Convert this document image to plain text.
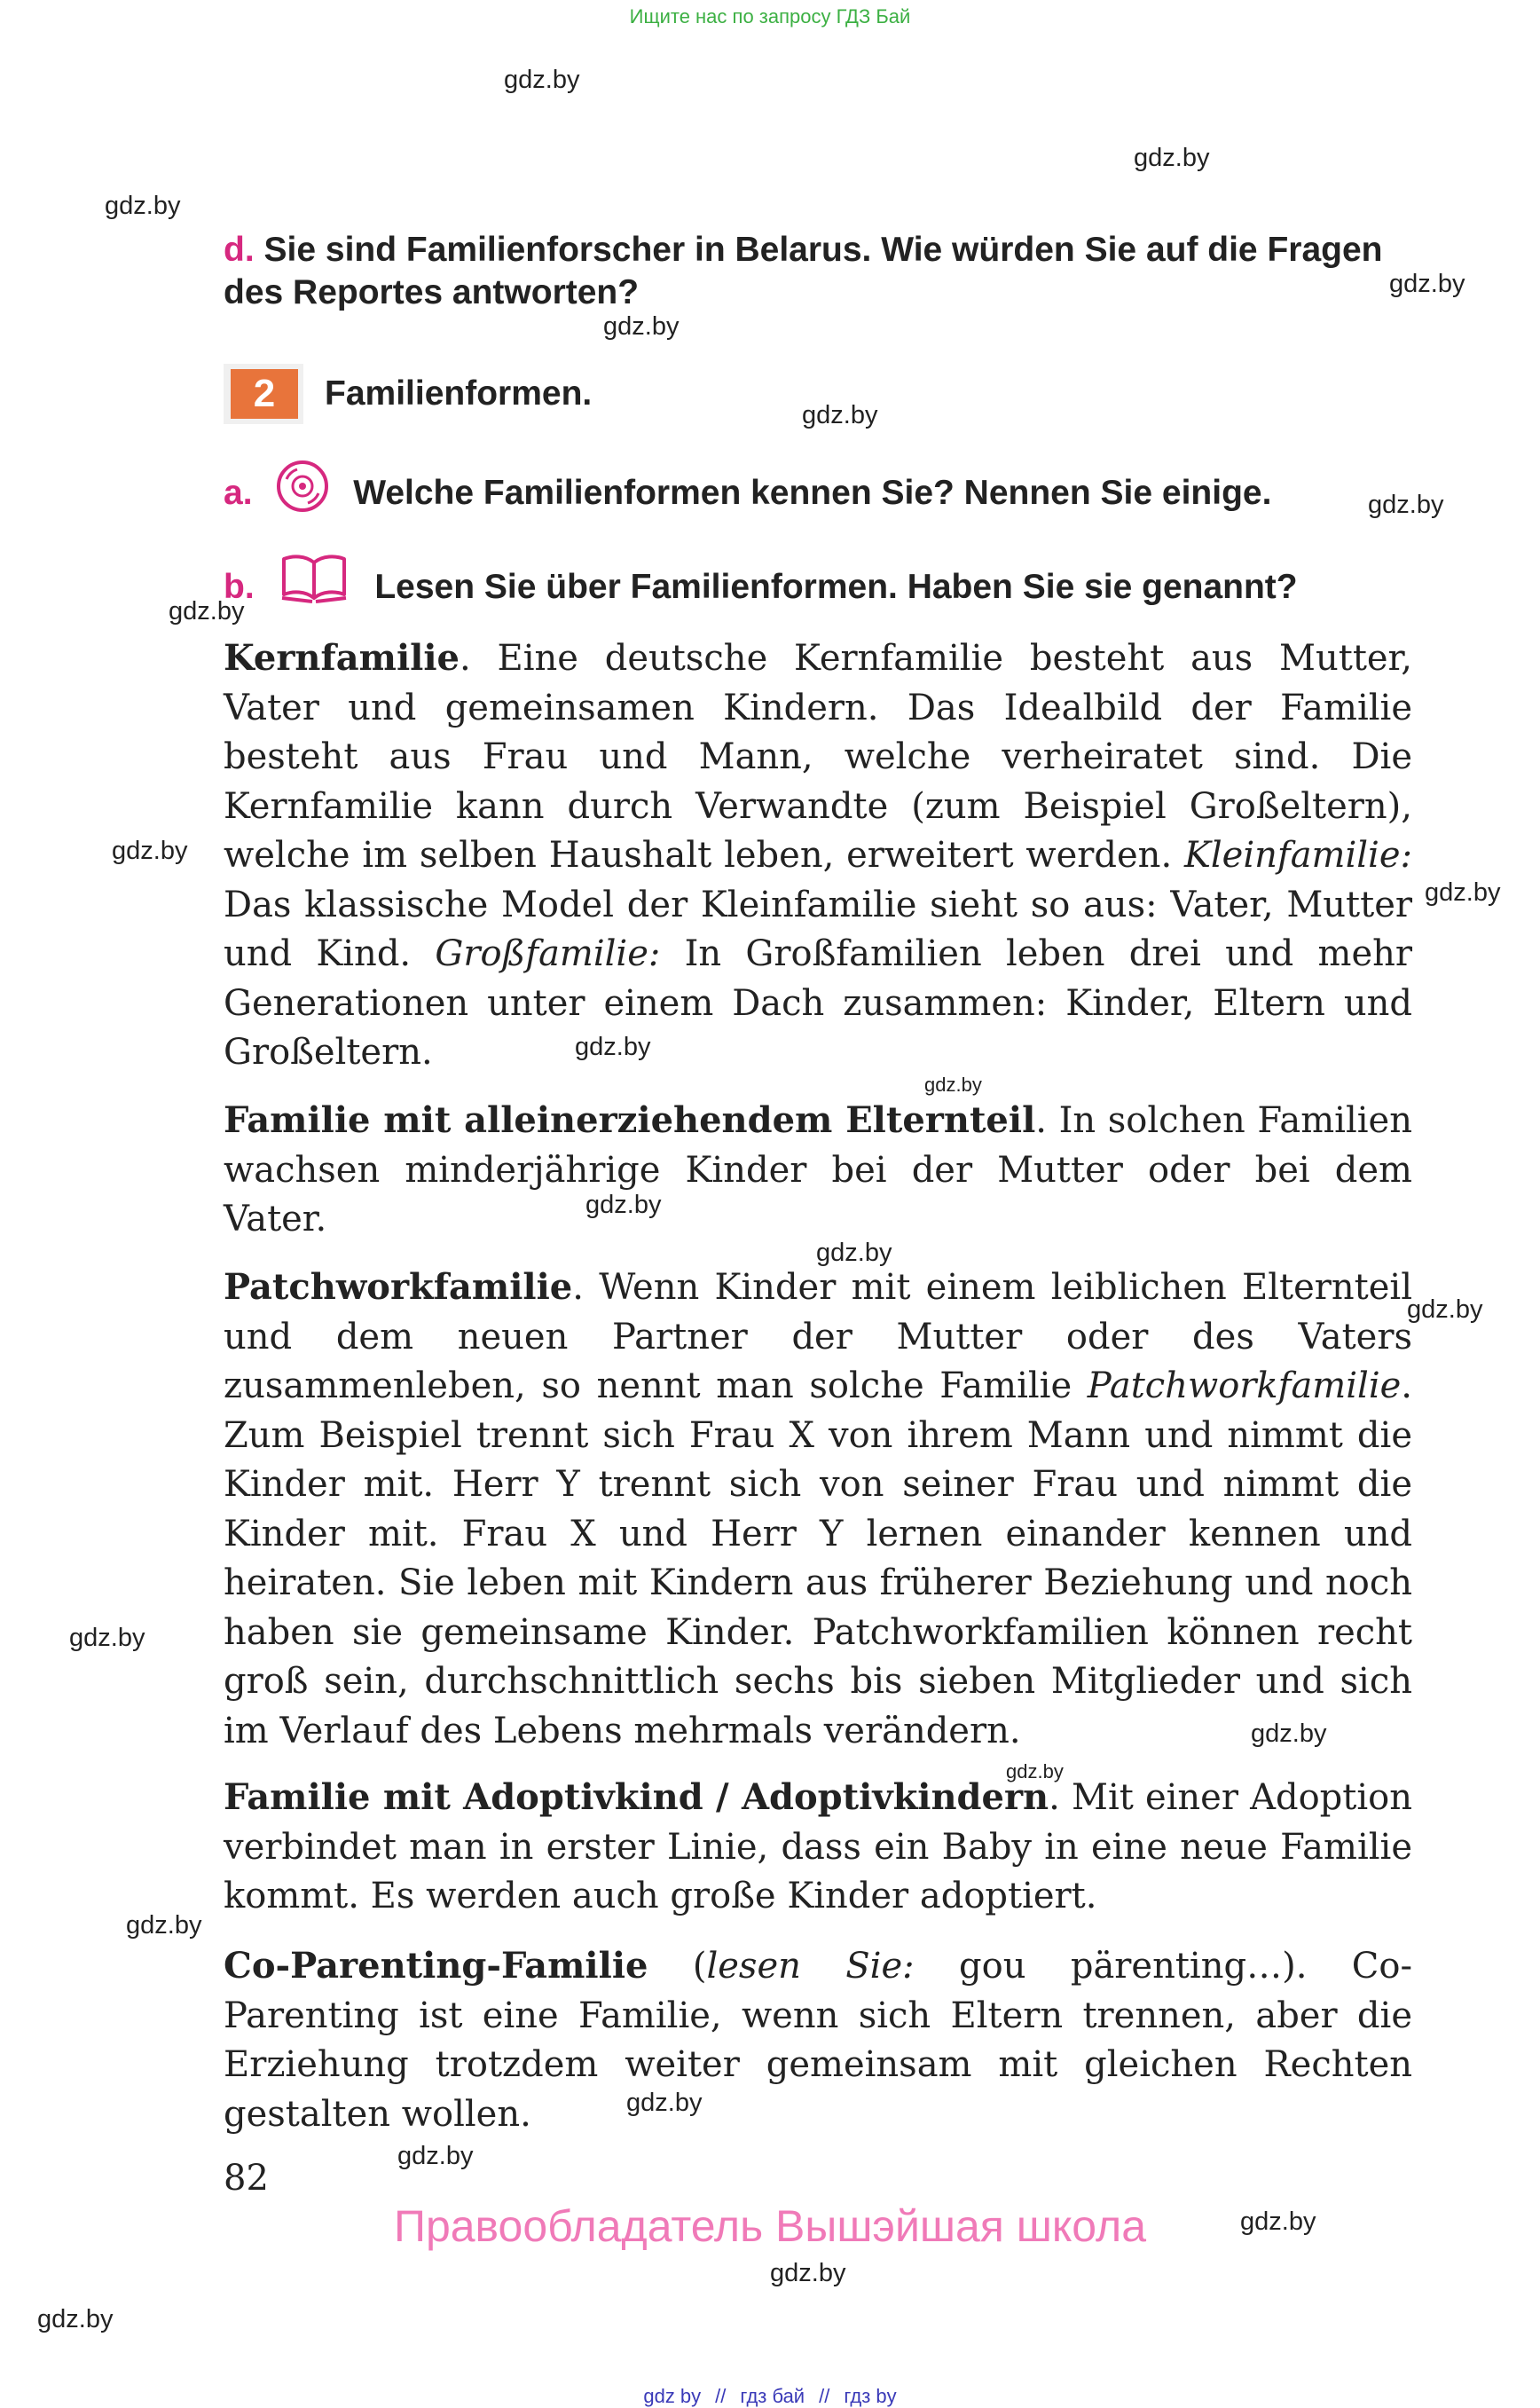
Ищите нас по запросу ГДЗ Бай
gdz.by
gdz.by
gdz.by
gdz.by
gdz.by
gdz.by
gdz.by
gdz.by
gdz.by
gdz.by
gdz.by
gdz.by
gdz.by
gdz.by
gdz.by
gdz.by
gdz.by
gdz.by
gdz.by
gdz.by
gdz.by
gdz.by
gdz.by
gdz.by
d. Sie sind Familienforscher in Belarus. Wie würden Sie auf die Fragen des Reportes antworten?
2	Familienformen.
a.	Welche Familienformen kennen Sie? Nennen Sie einige.
b.	Lesen Sie über Familienformen. Haben Sie sie genannt?
Kernfamilie. Eine deutsche Kernfamilie besteht aus Mutter, Vater und gemeinsamen Kindern. Das Idealbild der Familie besteht aus Frau und Mann, welche verheiratet sind. Die Kernfamilie kann durch Verwandte (zum Beispiel Großeltern), welche im selben Haushalt leben, erweitert werden. Kleinfamilie: Das klassische Model der Kleinfamilie sieht so aus: Vater, Mutter und Kind. Großfamilie: In Großfamilien leben drei und mehr Generationen unter einem Dach zusammen: Kinder, Eltern und Großeltern.
Familie mit alleinerziehendem Elternteil. In solchen Familien wachsen minderjährige Kinder bei der Mutter oder bei dem Vater.
Patchworkfamilie. Wenn Kinder mit einem leiblichen Elternteil und dem neuen Partner der Mutter oder des Vaters zusammenleben, so nennt man solche Familie Patchworkfamilie. Zum Beispiel trennt sich Frau X von ihrem Mann und nimmt die Kinder mit. Herr Y trennt sich von seiner Frau und nimmt die Kinder mit. Frau X und Herr Y lernen einander kennen und heiraten. Sie leben mit Kindern aus früherer Beziehung und noch haben sie gemeinsame Kinder. Patchworkfamilien können recht groß sein, durchschnittlich sechs bis sieben Mitglieder und sich im Verlauf des Lebens mehrmals verändern.
Familie mit Adoptivkind / Adoptivkindern. Mit einer Adoption verbindet man in erster Linie, dass ein Baby in eine neue Familie kommt. Es werden auch große Kinder adoptiert.
Co-Parenting-Familie (lesen Sie: gou pärenting…). Co-Parenting ist eine Familie, wenn sich Eltern trennen, aber die Erziehung trotzdem weiter gemeinsam mit gleichen Rechten gestalten wollen.
82
Правообладатель Вышэйшая школа
gdz by // гдз бай // гдз by
